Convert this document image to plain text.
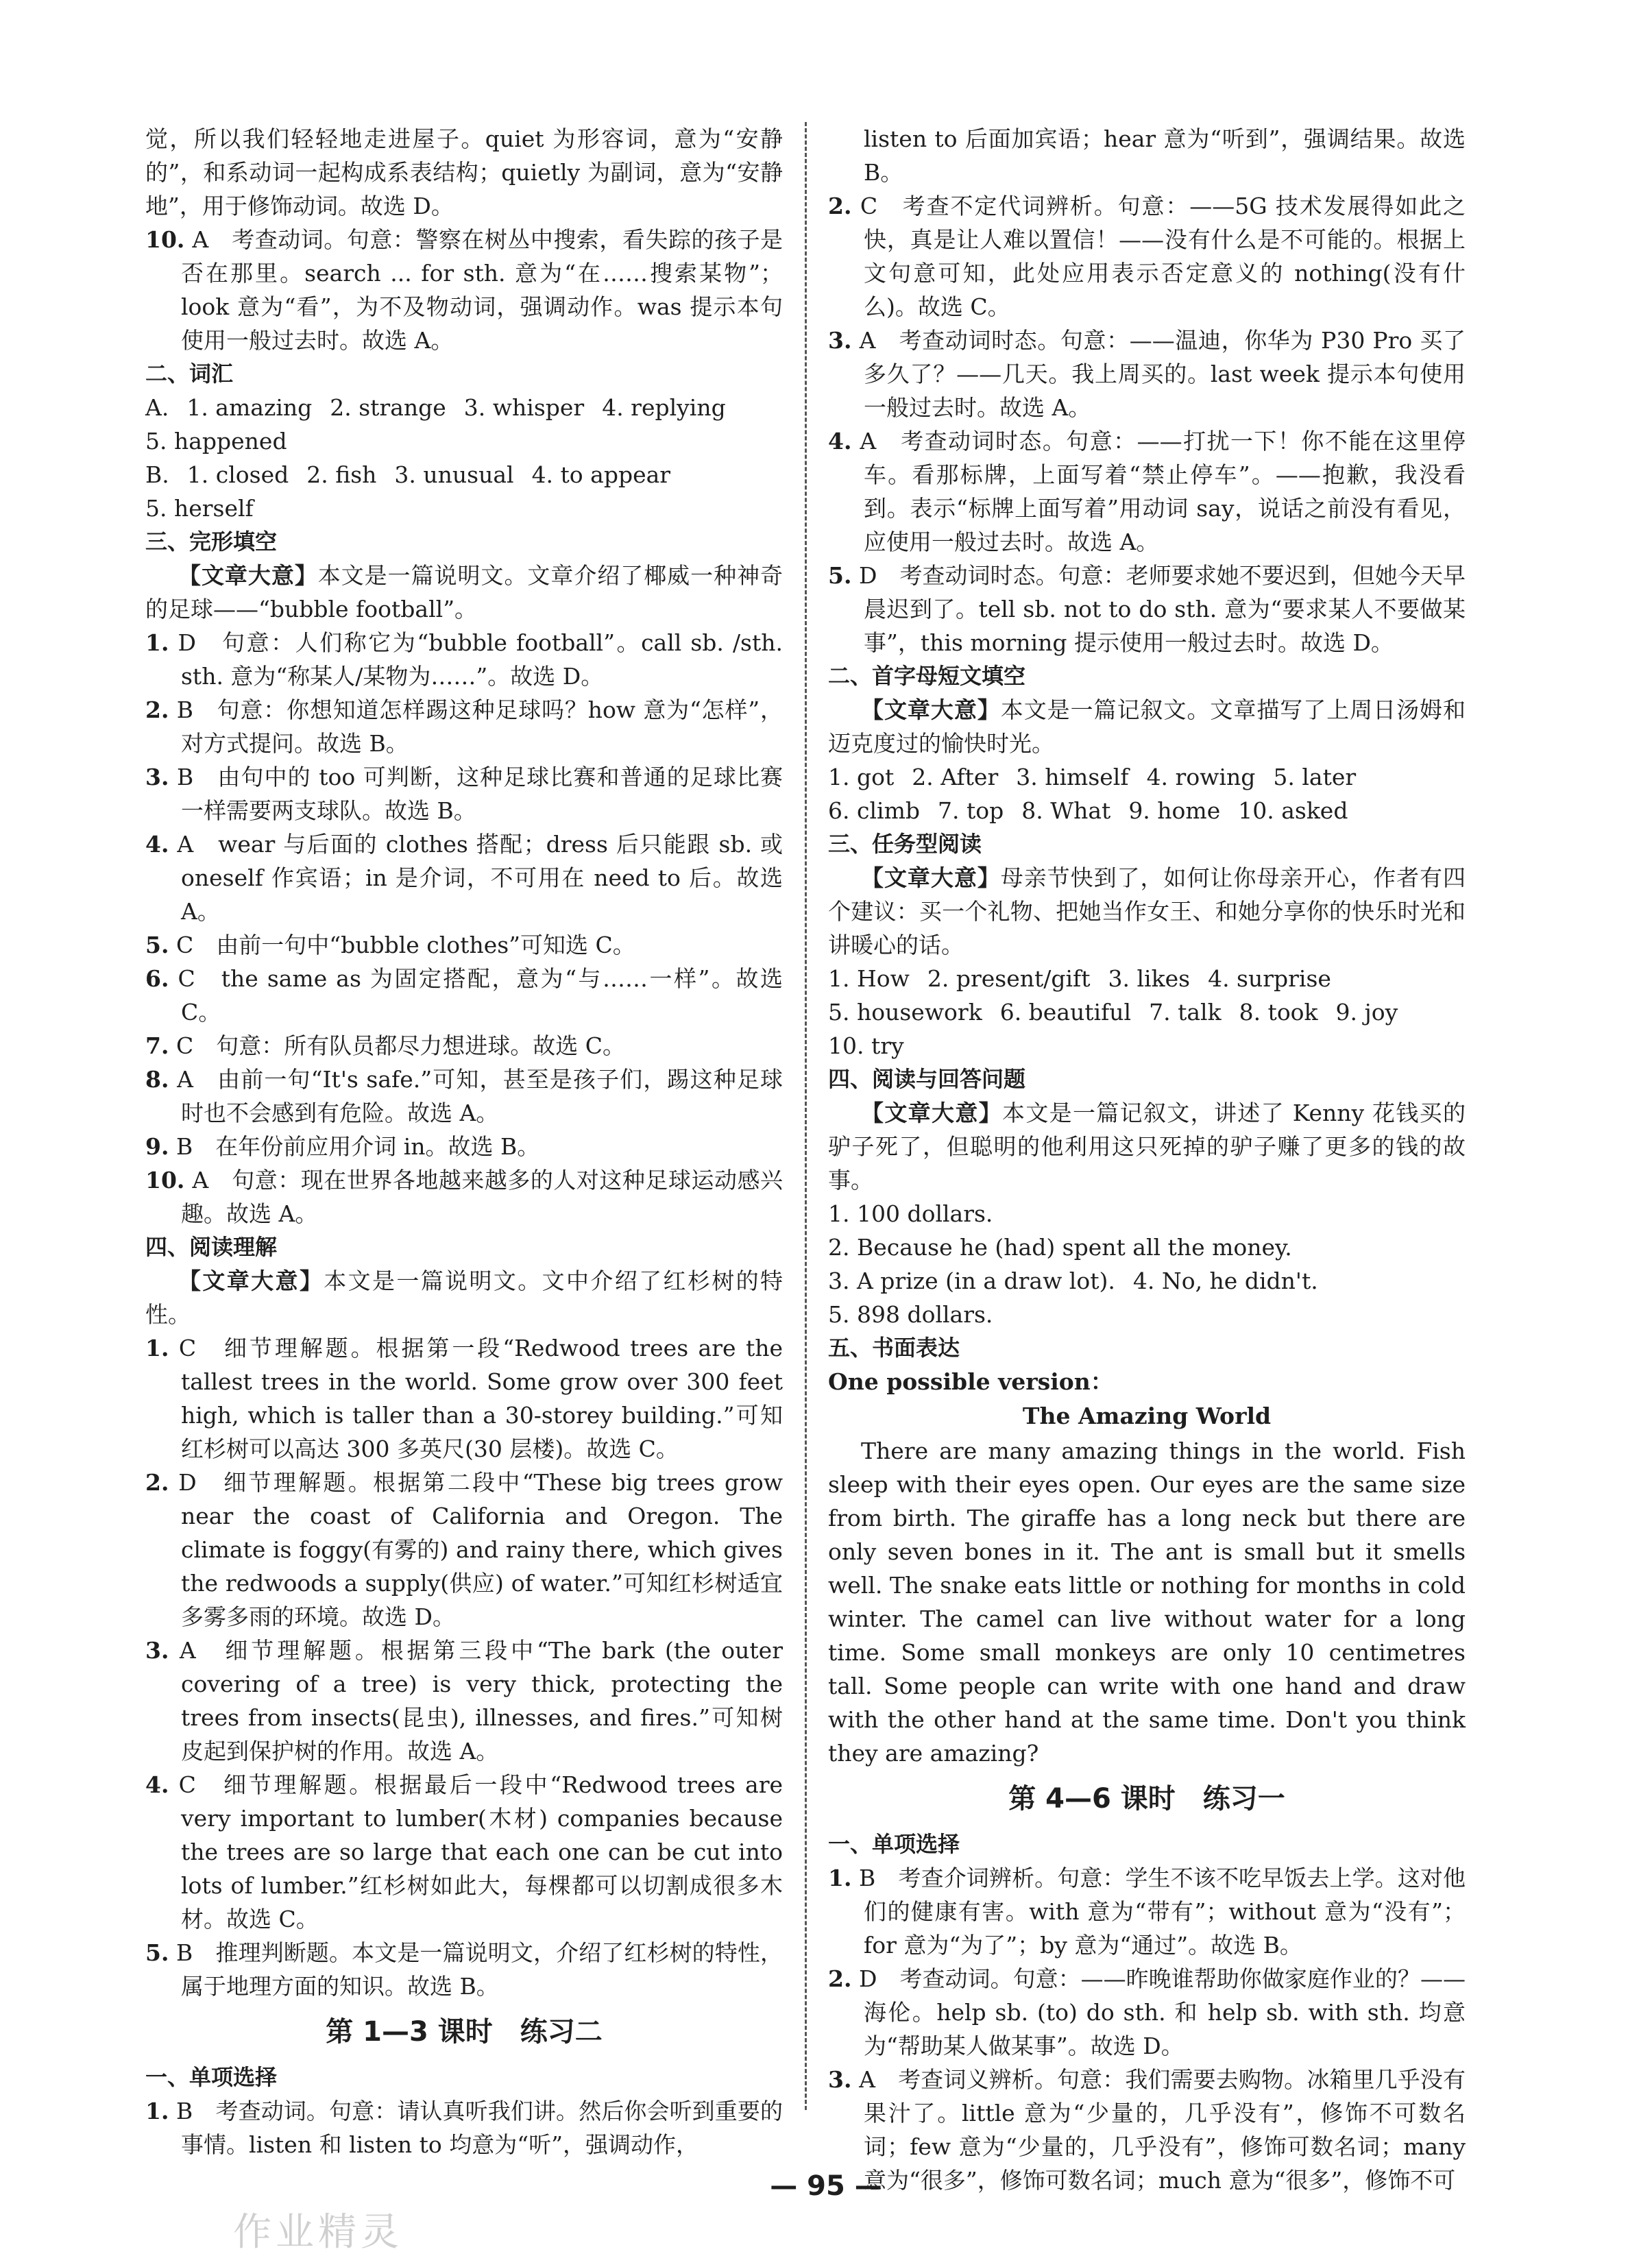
觉，所以我们轻轻地走进屋子。quiet 为形容词，意为“安静的”，和系动词一起构成系表结构；quietly 为副词，意为“安静地”，用于修饰动词。故选 D。

10. A　考查动词。句意：警察在树丛中搜索，看失踪的孩子是否在那里。search ... for sth. 意为“在……搜索某物”；look 意为“看”，为不及物动词，强调动作。was 提示本句使用一般过去时。故选 A。

二、词汇
A. 1. amazing 2. strange 3. whisper 4. replying
5. happened
B. 1. closed 2. fish 3. unusual 4. to appear
5. herself
三、完形填空

【文章大意】本文是一篇说明文。文章介绍了椰威一种神奇的足球——“bubble football”。

1. D　句意：人们称它为“bubble football”。call sb. /sth. sth. 意为“称某人/某物为……”。故选 D。

2. B　句意：你想知道怎样踢这种足球吗？how 意为“怎样”，对方式提问。故选 B。

3. B　由句中的 too 可判断，这种足球比赛和普通的足球比赛一样需要两支球队。故选 B。

4. A　wear 与后面的 clothes 搭配；dress 后只能跟 sb. 或 oneself 作宾语；in 是介词，不可用在 need to 后。故选 A。

5. C　由前一句中“bubble clothes”可知选 C。

6. C　the same as 为固定搭配，意为“与……一样”。故选 C。

7. C　句意：所有队员都尽力想进球。故选 C。

8. A　由前一句“It's safe.”可知，甚至是孩子们，踢这种足球时也不会感到有危险。故选 A。

9. B　在年份前应用介词 in。故选 B。

10. A　句意：现在世界各地越来越多的人对这种足球运动感兴趣。故选 A。

四、阅读理解

【文章大意】本文是一篇说明文。文中介绍了红杉树的特性。

1. C　细节理解题。根据第一段“Redwood trees are the tallest trees in the world. Some grow over 300 feet high, which is taller than a 30-storey building.”可知红杉树可以高达 300 多英尺(30 层楼)。故选 C。

2. D　细节理解题。根据第二段中“These big trees grow near the coast of California and Oregon. The climate is foggy(有雾的) and rainy there, which gives the redwoods a supply(供应) of water.”可知红杉树适宜多雾多雨的环境。故选 D。

3. A　细节理解题。根据第三段中“The bark (the outer covering of a tree) is very thick, protecting the trees from insects(昆虫), illnesses, and fires.”可知树皮起到保护树的作用。故选 A。

4. C　细节理解题。根据最后一段中“Redwood trees are very important to lumber(木材) companies because the trees are so large that each one can be cut into lots of lumber.”红杉树如此大，每棵都可以切割成很多木材。故选 C。

5. B　推理判断题。本文是一篇说明文，介绍了红杉树的特性，属于地理方面的知识。故选 B。

第 1—3 课时　练习二
一、单项选择

1. B　考查动词。句意：请认真听我们讲。然后你会听到重要的事情。listen 和 listen to 均意为“听”，强调动作，

listen to 后面加宾语；hear 意为“听到”，强调结果。故选 B。

2. C　考查不定代词辨析。句意：——5G 技术发展得如此之快，真是让人难以置信！——没有什么是不可能的。根据上文句意可知，此处应用表示否定意义的 nothing(没有什么)。故选 C。

3. A　考查动词时态。句意：——温迪，你华为 P30 Pro 买了多久了？——几天。我上周买的。last week 提示本句使用一般过去时。故选 A。

4. A　考查动词时态。句意：——打扰一下！你不能在这里停车。看那标牌，上面写着“禁止停车”。——抱歉，我没看到。表示“标牌上面写着”用动词 say，说话之前没有看见，应使用一般过去时。故选 A。

5. D　考查动词时态。句意：老师要求她不要迟到，但她今天早晨迟到了。tell sb. not to do sth. 意为“要求某人不要做某事”，this morning 提示使用一般过去时。故选 D。

二、首字母短文填空

【文章大意】本文是一篇记叙文。文章描写了上周日汤姆和迈克度过的愉快时光。

1. got 2. After 3. himself 4. rowing 5. later
6. climb 7. top 8. What 9. home 10. asked
三、任务型阅读

【文章大意】母亲节快到了，如何让你母亲开心，作者有四个建议：买一个礼物、把她当作女王、和她分享你的快乐时光和讲暖心的话。

1. How 2. present/gift 3. likes 4. surprise
5. housework 6. beautiful 7. talk 8. took 9. joy
10. try
四、阅读与回答问题

【文章大意】本文是一篇记叙文，讲述了 Kenny 花钱买的驴子死了，但聪明的他利用这只死掉的驴子赚了更多的钱的故事。

1. 100 dollars.
2. Because he (had) spent all the money.
3. A prize (in a draw lot). 4. No, he didn't.
5. 898 dollars.
五、书面表达
One possible version：
The Amazing World

There are many amazing things in the world. Fish sleep with their eyes open. Our eyes are the same size from birth. The giraffe has a long neck but there are only seven bones in it. The ant is small but it smells well. The snake eats little or nothing for months in cold winter. The camel can live without water for a long time. Some small monkeys are only 10 centimetres tall. Some people can write with one hand and draw with the other hand at the same time. Don't you think they are amazing?

第 4—6 课时　练习一
一、单项选择

1. B　考查介词辨析。句意：学生不该不吃早饭去上学。这对他们的健康有害。with 意为“带有”；without 意为“没有”；for 意为“为了”；by 意为“通过”。故选 B。

2. D　考查动词。句意：——昨晚谁帮助你做家庭作业的？——海伦。help sb. (to) do sth. 和 help sb. with sth. 均意为“帮助某人做某事”。故选 D。

3. A　考查词义辨析。句意：我们需要去购物。冰箱里几乎没有果汁了。little 意为“少量的，几乎没有”，修饰不可数名词；few 意为“少量的，几乎没有”，修饰可数名词；many 意为“很多”，修饰可数名词；much 意为“很多”，修饰不可

— 95 —
作业精灵
